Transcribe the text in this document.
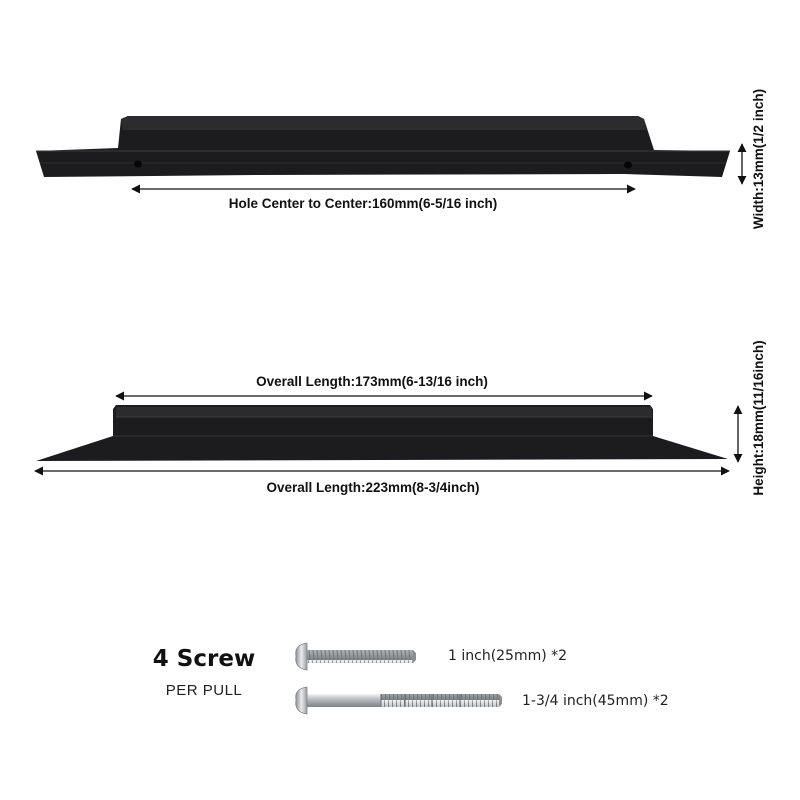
Hole Center to Center:160mm(6-5/16 inch)	Width:13mm(1/2 inch)
Overall Length:173mm(6-13/16 inch)
Overall Length:223mm(8-3/4inch)	Height:18mm(11/16inch)
4 Screw
PER PULL
1 inch(25mm) *2
1-3/4 inch(45mm) *2
